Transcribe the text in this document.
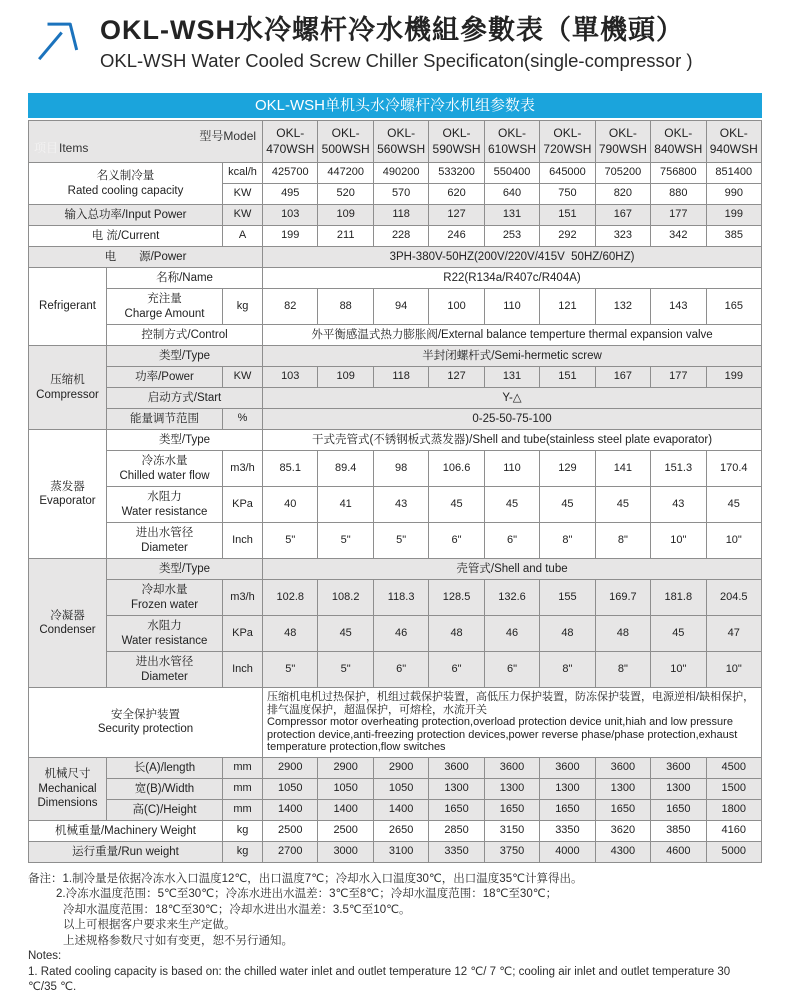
OKL-WSH水冷螺杆冷水機組參數表（單機頭）
OKL-WSH Water Cooled Screw Chiller Specificaton(single-compressor )
OKL-WSH单机头水冷螺杆冷水机组参数表
型号Model
项目Items

OKL-
470WSH

OKL-
500WSH

OKL-
560WSH

OKL-
590WSH

OKL-
610WSH

OKL-
720WSH

OKL-
790WSH

OKL-
840WSH

OKL-
940WSH

名义制冷量
Rated cooling capacity		kcal/h	425700	447200	490200	533200	550400	645000	705200	756800	851400
		KW	495	520	570	620	640	750	820	880	990

输入总功率/Input Power		KW	103	109	118	127	131	151	167	177	199

电 流/Current		A	199	211	228	246	253	292	323	342	385

电　　源/Power			3PH-380V-50HZ(200V/220V/415V  50HZ/60HZ)								

Refrigerant	名称/Name		R22(R134a/R407c/R404A)								

	充注量
Charge Amount	kg	82	88	94	100	110	121	132	143	165

	控制方式/Control		外平衡感温式热力膨胀阀/External balance temperture thermal expansion valve								

压缩机
Compressor	类型/Type		半封闭螺杆式/Semi-hermetic screw								

	功率/Power	KW	103	109	118	127	131	151	167	177	199

	启动方式/Start		Y-△								

	能量调节范围	%	0-25-50-75-100								

蒸发器
Evaporator	类型/Type		干式壳管式(不锈钢板式蒸发器)/Shell and tube(stainless steel plate evaporator)								

	冷冻水量
Chilled water flow	m3/h	85.1	89.4	98	106.6	110	129	141	151.3	170.4

	水阻力
Water resistance	KPa	40	41	43	45	45	45	45	43	45

	进出水管径
Diameter	Inch	5"	5"	5"	6"	6"	8"	8"	10"	10"

冷凝器
Condenser	类型/Type		壳管式/Shell and tube								

	冷却水量
Frozen water	m3/h	102.8	108.2	118.3	128.5	132.6	155	169.7	181.8	204.5

	水阻力
Water resistance	KPa	48	45	46	48	46	48	48	45	47

	进出水管径
Diameter	Inch	5"	5"	6"	6"	6"	8"	8"	10"	10"

安全保护装置
Security protection

压缩机电机过热保护，机组过载保护装置，高低压力保护装置，防冻保护装置，电源逆相/缺相保护，排气温度保护，超温保护，可熔栓，水流开关
Compressor motor overheating protection,overload protection device unit,hiah and low pressure protection device,anti-freezing protection devices,power reverse phase/phase protection,exhaust temperature protection,flow switches

机械尺寸
Mechanical
Dimensions	长(A)/length	mm	2900	2900	2900	3600	3600	3600	3600	3600	4500

	宽(B)/Width	mm	1050	1050	1050	1300	1300	1300	1300	1300	1500

	高(C)/Height	mm	1400	1400	1400	1650	1650	1650	1650	1650	1800

机械重量/Machinery Weight		kg	2500	2500	2650	2850	3150	3350	3620	3850	4160

运行重量/Run weight		kg	2700	3000	3100	3350	3750	4000	4300	4600	5000
备注：1.制冷量是依据冷冻水入口温度12℃，出口温度7℃；冷却水入口温度30℃，出口温度35℃计算得出。
2.冷冻水温度范围：5℃至30℃；冷冻水进出水温差：3℃至8℃；冷却水温度范围：18℃至30℃；
冷却水温度范围：18℃至30℃；冷却水进出水温差：3.5℃至10℃。
以上可根据客户要求来生产定做。
上述规格参数尺寸如有变更，恕不另行通知。
Notes:
1. Rated cooling capacity is based on: the chilled water inlet and outlet temperature 12 ℃/ 7 ℃; cooling air inlet and outlet temperature 30 ℃/35 ℃.
